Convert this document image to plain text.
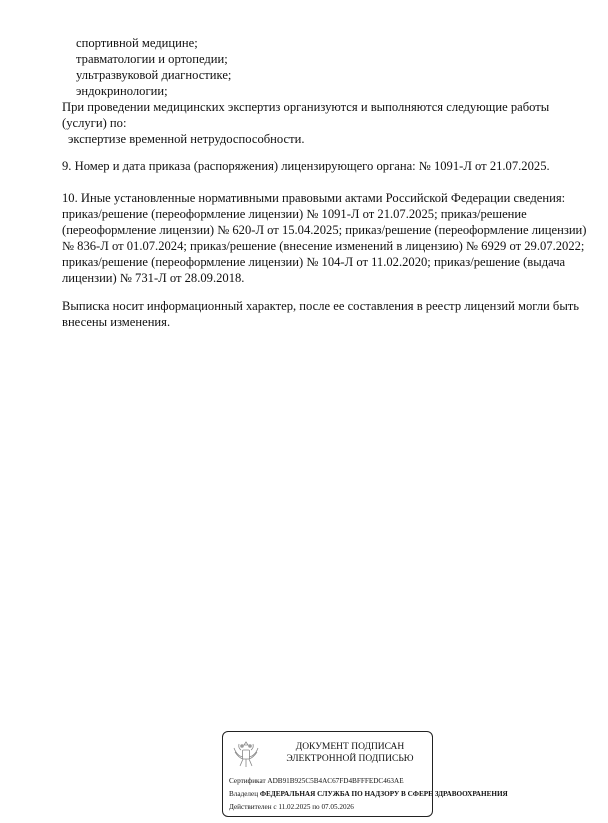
спортивной медицине;
травматологии и ортопедии;
ультразвуковой диагностике;
эндокринологии;
При проведении медицинских экспертиз организуются и выполняются следующие работы
(услуги) по:
экспертизе временной нетрудоспособности.
9. Номер и дата приказа (распоряжения) лицензирующего органа: № 1091-Л от 21.07.2025.
10. Иные установленные нормативными правовыми актами Российской Федерации сведения:
приказ/решение (переоформление лицензии) № 1091-Л от 21.07.2025; приказ/решение
(переоформление лицензии) № 620-Л от 15.04.2025; приказ/решение (переоформление лицензии)
№ 836-Л от 01.07.2024; приказ/решение (внесение изменений в лицензию) № 6929 от 29.07.2022;
приказ/решение (переоформление лицензии) № 104-Л от 11.02.2020; приказ/решение (выдача
лицензии) № 731-Л от 28.09.2018.
Выписка носит информационный характер, после ее составления в реестр лицензий могли быть
внесены изменения.
ДОКУМЕНТ ПОДПИСАН
ЭЛЕКТРОННОЙ ПОДПИСЬЮ
Сертификат ADB91B925C5B4AC67FD4BFFFEDC463AE
Владелец ФЕДЕРАЛЬНАЯ СЛУЖБА ПО НАДЗОРУ В СФЕРЕ ЗДРАВООХРАНЕНИЯ
Действителен с 11.02.2025 по 07.05.2026
